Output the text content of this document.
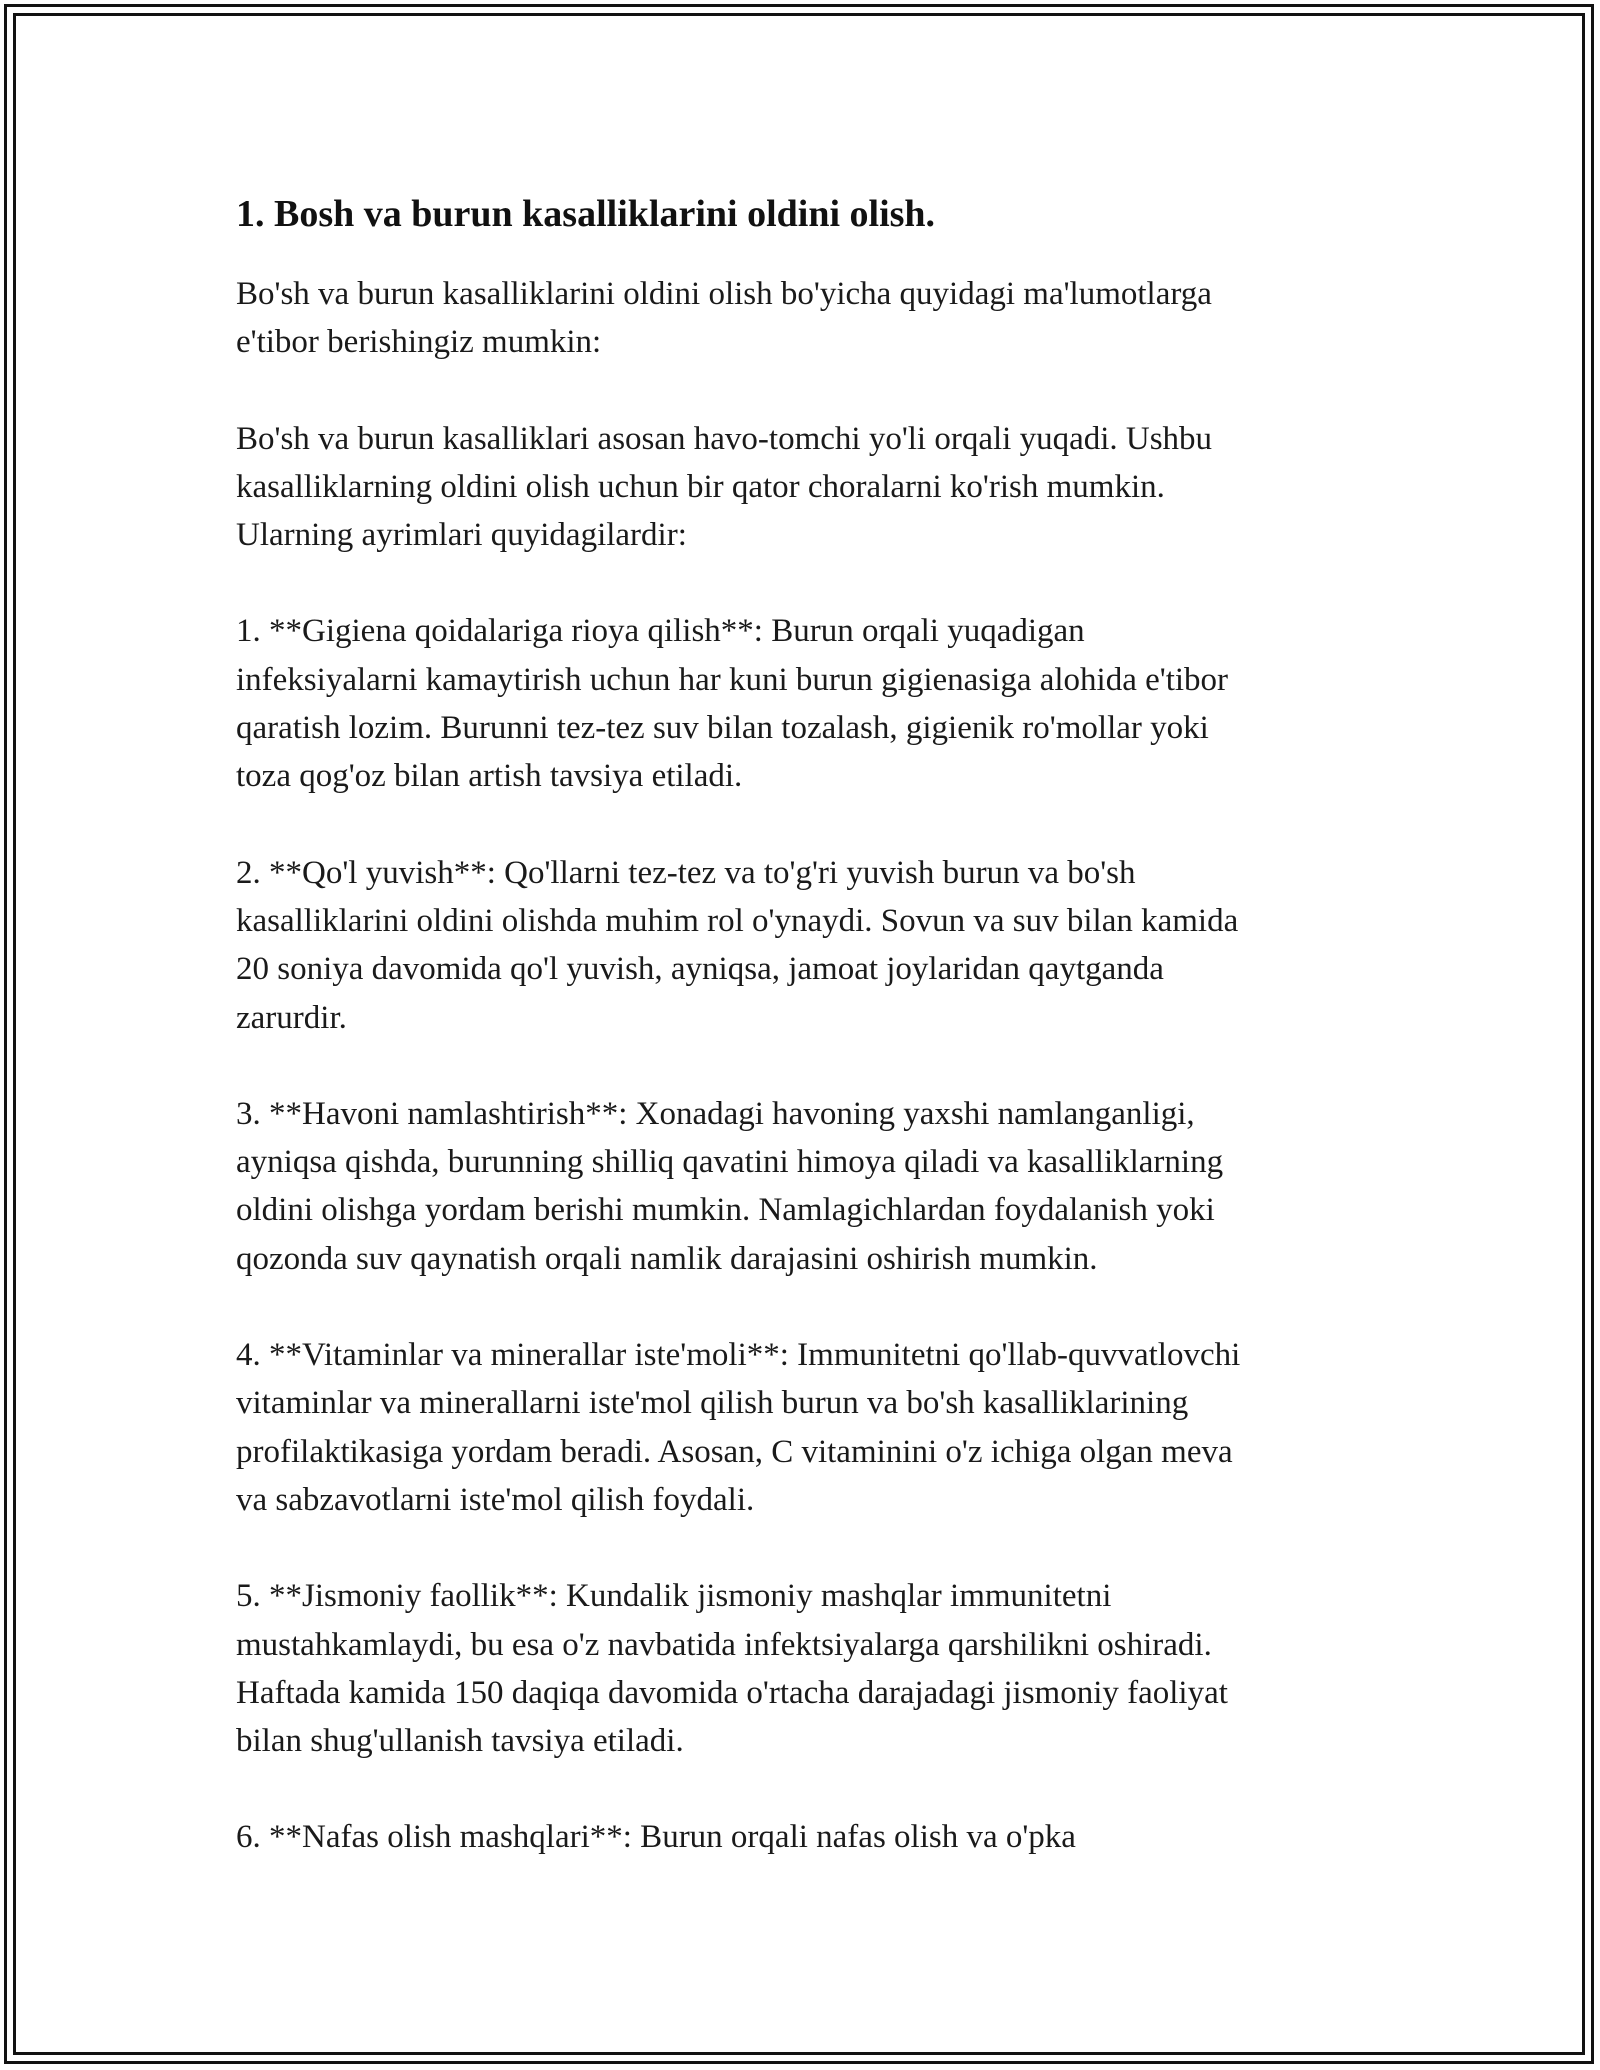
1. Bosh va burun kasalliklarini oldini olish.

Bo'sh va burun kasalliklarini oldini olish bo'yicha quyidagi ma'lumotlarga
e'tibor berishingiz mumkin:

Bo'sh va burun kasalliklari asosan havo-tomchi yo'li orqali yuqadi. Ushbu
kasalliklarning oldini olish uchun bir qator choralarni ko'rish mumkin.
Ularning ayrimlari quyidagilardir:

1. **Gigiena qoidalariga rioya qilish**: Burun orqali yuqadigan
infeksiyalarni kamaytirish uchun har kuni burun gigienasiga alohida e'tibor
qaratish lozim. Burunni tez-tez suv bilan tozalash, gigienik ro'mollar yoki
toza qog'oz bilan artish tavsiya etiladi.

2. **Qo'l yuvish**: Qo'llarni tez-tez va to'g'ri yuvish burun va bo'sh
kasalliklarini oldini olishda muhim rol o'ynaydi. Sovun va suv bilan kamida
20 soniya davomida qo'l yuvish, ayniqsa, jamoat joylaridan qaytganda
zarurdir.

3. **Havoni namlashtirish**: Xonadagi havoning yaxshi namlanganligi,
ayniqsa qishda, burunning shilliq qavatini himoya qiladi va kasalliklarning
oldini olishga yordam berishi mumkin. Namlagichlardan foydalanish yoki
qozonda suv qaynatish orqali namlik darajasini oshirish mumkin.

4. **Vitaminlar va minerallar iste'moli**: Immunitetni qo'llab-quvvatlovchi
vitaminlar va minerallarni iste'mol qilish burun va bo'sh kasalliklarining
profilaktikasiga yordam beradi. Asosan, C vitaminini o'z ichiga olgan meva
va sabzavotlarni iste'mol qilish foydali.

5. **Jismoniy faollik**: Kundalik jismoniy mashqlar immunitetni
mustahkamlaydi, bu esa o'z navbatida infektsiyalarga qarshilikni oshiradi.
Haftada kamida 150 daqiqa davomida o'rtacha darajadagi jismoniy faoliyat
bilan shug'ullanish tavsiya etiladi.

6. **Nafas olish mashqlari**: Burun orqali nafas olish va o'pka
